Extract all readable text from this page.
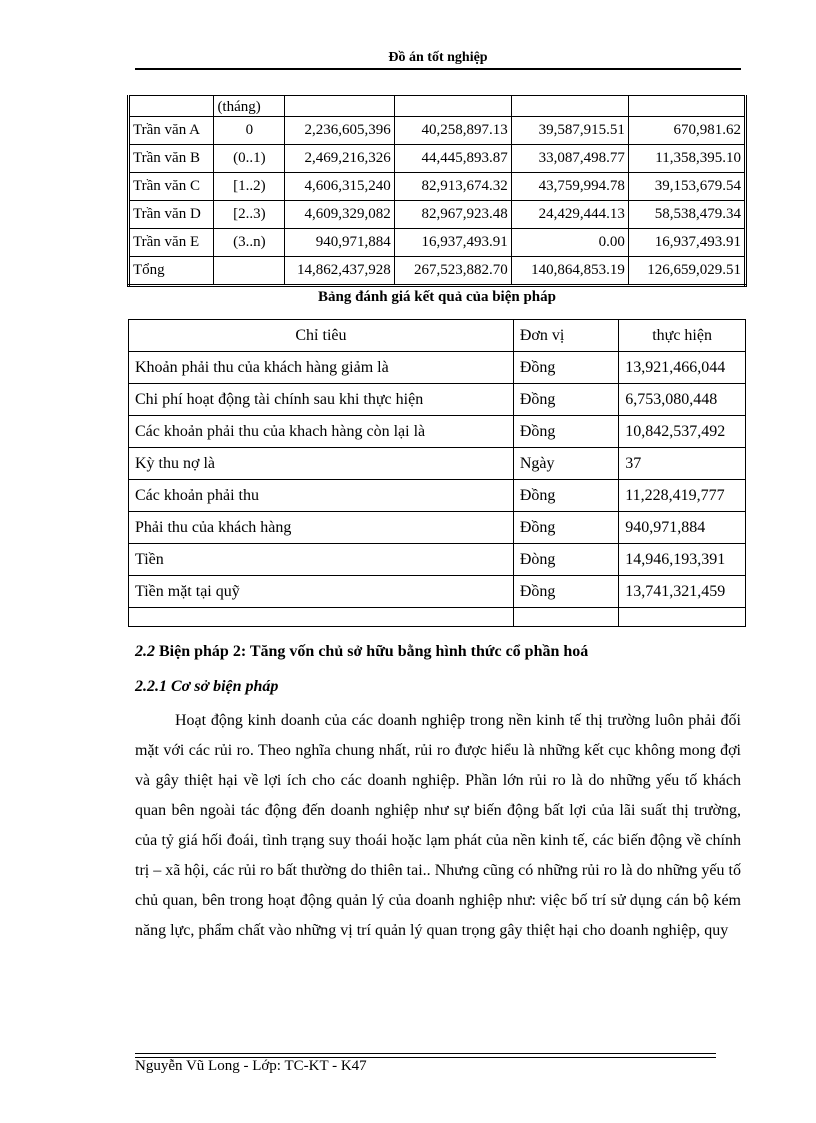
Đồ án tốt nghiệp
	(tháng)				
Trần văn A	0	2,236,605,396	40,258,897.13	39,587,915.51	670,981.62
Trần văn B	(0..1)	2,469,216,326	44,445,893.87	33,087,498.77	11,358,395.10
Trần văn C	[1..2)	4,606,315,240	82,913,674.32	43,759,994.78	39,153,679.54
Trần văn D	[2..3)	4,609,329,082	82,967,923.48	24,429,444.13	58,538,479.34
Trần văn E	(3..n)	940,971,884	16,937,493.91	0.00	16,937,493.91
Tổng		14,862,437,928	267,523,882.70	140,864,853.19	126,659,029.51
Bảng đánh giá kết quả của biện pháp
Chỉ tiêu	Đơn vị	thực hiện
Khoản phải thu của khách hàng giảm là	Đồng	13,921,466,044
Chi phí hoạt động tài chính sau khi thực hiện	Đồng	6,753,080,448
Các khoản phải thu của khach hàng còn lại là	Đồng	10,842,537,492
Kỳ thu nợ là	Ngày	37
Các khoản phải thu	Đồng	11,228,419,777
Phải thu của khách hàng	Đồng	940,971,884
Tiền	Đòng	14,946,193,391
Tiền mặt tại quỹ	Đồng	13,741,321,459

2.2 Biện pháp 2: Tăng vốn chủ sở hữu bằng hình thức cổ phần hoá
2.2.1 Cơ sở biện pháp

Hoạt động kinh doanh của các doanh nghiệp trong nền kinh tế thị trường luôn phải đối mặt với các rủi ro. Theo nghĩa chung nhất, rủi ro được hiểu là những kết cục không mong đợi và gây thiệt hại về lợi ích cho các doanh nghiệp. Phần lớn rủi ro là do những yếu tố khách quan bên ngoài tác động đến doanh nghiệp như sự biến động bất lợi của lãi suất thị trường, của tỷ giá hối đoái, tình trạng suy thoái hoặc lạm phát của nền kinh tế, các biến động về chính trị – xã hội, các rủi ro bất thường do thiên tai.. Nhưng cũng có những rủi ro là do những yếu tố chủ quan, bên trong hoạt động quản lý của doanh nghiệp như: việc bố trí sử dụng cán bộ kém năng lực, phẩm chất vào những vị trí quản lý quan trọng gây thiệt hại cho doanh nghiệp, quy

Nguyễn Vũ Long - Lớp: TC-KT - K47
